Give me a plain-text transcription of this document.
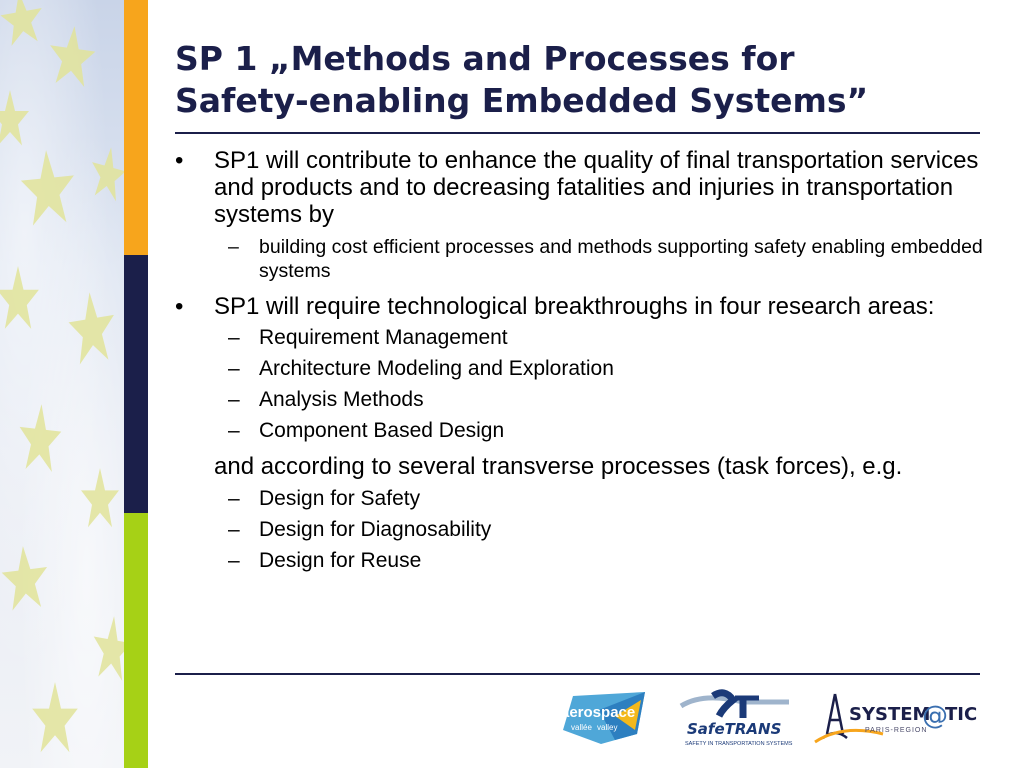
SP 1 „Methods and Processes for
Safety-enabling Embedded Systems”
• SP1 will contribute to enhance the quality of final transportation services and products and to decreasing fatalities and injuries in transportation systems by
– building cost efficient processes and methods supporting safety enabling embedded systems
• SP1 will require technological breakthroughs in four research areas:
– Requirement Management
– Architecture Modeling and Exploration
– Analysis Methods
– Component Based Design
and according to several transverse processes (task forces), e.g.
– Design for Safety
– Design for Diagnosability
– Design for Reuse
aerospace
vallée valley	SafeTRANS
SAFETY IN TRANSPORTATION SYSTEMS
SYSTEM
@
TIC
PARIS-REGION
